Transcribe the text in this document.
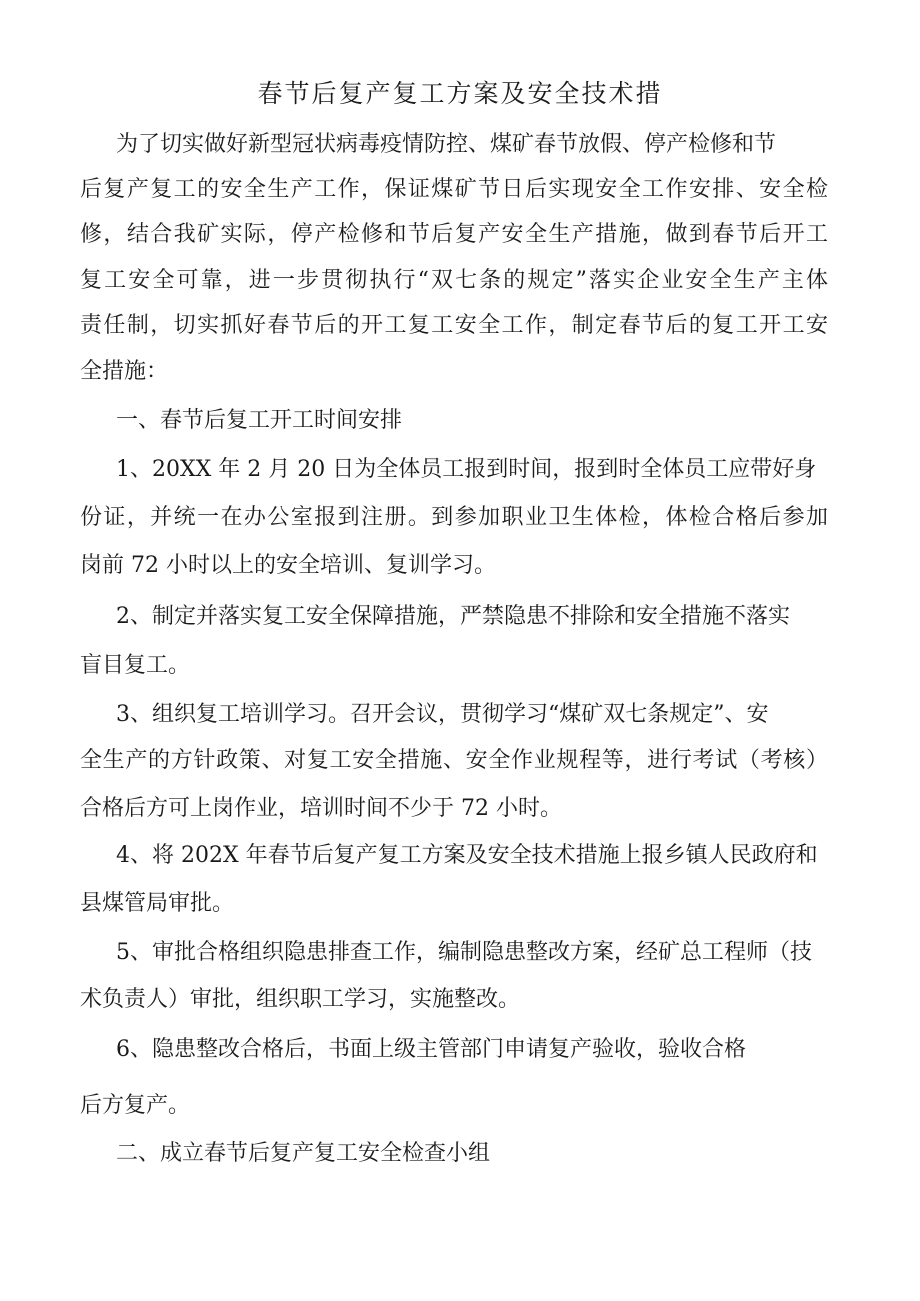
春节后复产复工方案及安全技术措
为了切实做好新型冠状病毒疫情防控、煤矿春节放假、停产检修和节
后复产复工的安全生产工作，保证煤矿节日后实现安全工作安排、安全检
修，结合我矿实际，停产检修和节后复产安全生产措施，做到春节后开工
复工安全可靠，进一步贯彻执行“双七条的规定”落实企业安全生产主体
责任制，切实抓好春节后的开工复工安全工作，制定春节后的复工开工安
全措施：
一、春节后复工开工时间安排
1、20XX 年 2 月 20 日为全体员工报到时间，报到时全体员工应带好身
份证，并统一在办公室报到注册。到参加职业卫生体检，体检合格后参加
岗前 72 小时以上的安全培训、复训学习。
2、制定并落实复工安全保障措施，严禁隐患不排除和安全措施不落实
盲目复工。
3、组织复工培训学习。召开会议，贯彻学习“煤矿双七条规定”、安
全生产的方针政策、对复工安全措施、安全作业规程等，进行考试（考核）
合格后方可上岗作业，培训时间不少于 72 小时。
4、将 202X 年春节后复产复工方案及安全技术措施上报乡镇人民政府和
县煤管局审批。
5、审批合格组织隐患排查工作，编制隐患整改方案，经矿总工程师（技
术负责人）审批，组织职工学习，实施整改。
6、隐患整改合格后，书面上级主管部门申请复产验收，验收合格
后方复产。
二、成立春节后复产复工安全检查小组
